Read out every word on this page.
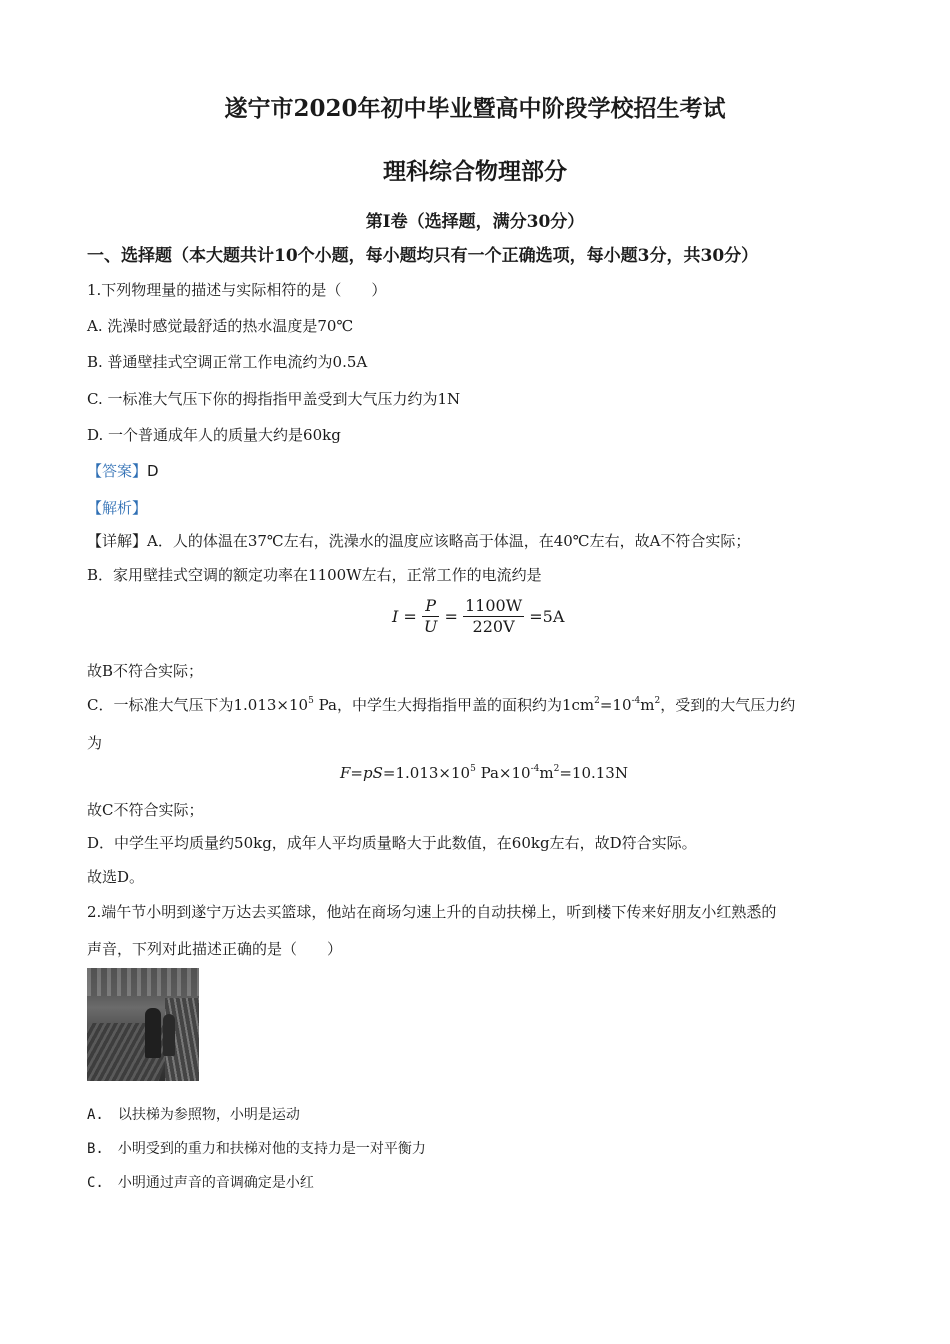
遂宁市2020年初中毕业暨高中阶段学校招生考试
理科综合物理部分
第I卷（选择题，满分30分）
一、选择题（本大题共计10个小题，每小题均只有一个正确选项，每小题3分，共30分）
1.下列物理量的描述与实际相符的是（　　）
A. 洗澡时感觉最舒适的热水温度是70℃
B. 普通壁挂式空调正常工作电流约为0.5A
C. 一标准大气压下你的拇指指甲盖受到大气压力约为1N
D. 一个普通成年人的质量大约是60kg
【答案】D
【解析】
【详解】A．人的体温在37℃左右，洗澡水的温度应该略高于体温，在40℃左右，故A不符合实际；
B．家用壁挂式空调的额定功率在1100W左右，正常工作的电流约是
$I = \frac{P}{U} = \frac{1100W}{220V} =5A$
故B不符合实际；
C．一标准大气压下为$1.013\times 10^5$ Pa，中学生大拇指指甲盖的面积约为$1cm^2=10^{-4}m^2$，受到的大气压力约
为
$F=pS=1.013\times 10^5$ $Pa\times 10^{-4}m^2=10.13N$
故C不符合实际；
D．中学生平均质量约50kg，成年人平均质量略大于此数值，在60kg左右，故D符合实际。
故选D。
2.端午节小明到遂宁万达去买篮球，他站在商场匀速上升的自动扶梯上，听到楼下传来好朋友小红熟悉的
声音，下列对此描述正确的是（　　）
A.　以扶梯为参照物，小明是运动
B.　小明受到的重力和扶梯对他的支持力是一对平衡力
C.　小明通过声音的音调确定是小红
